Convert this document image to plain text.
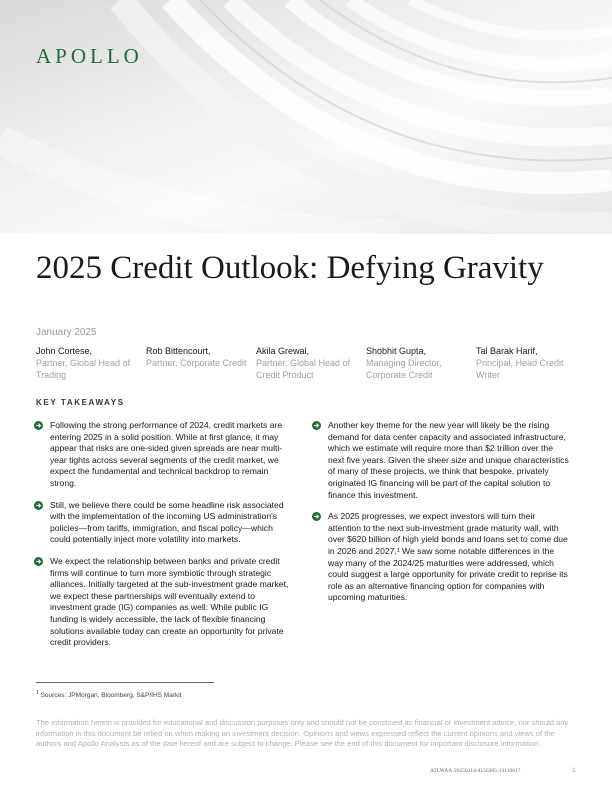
APOLLO
2025 Credit Outlook: Defying Gravity
January 2025
John Cortese,
Partner, Global Head of Trading
Rob Bittencourt,
Partner, Corporate Credit
Akila Grewal,
Partner, Global Head of Credit Product
Shobhit Gupta,
Managing Director, Corporate Credit
Tal Barak Harif,
Principal, Head Credit Writer
KEY TAKEAWAYS
Following the strong performance of 2024, credit markets are entering 2025 in a solid position. While at first glance, it may appear that risks are one-sided given spreads are near multi-year tights across several segments of the credit market, we expect the fundamental and technical backdrop to remain strong.
Still, we believe there could be some headline risk associated with the implementation of the incoming US administration's policies—from tariffs, immigration, and fiscal policy—which could potentially inject more volatility into markets.
We expect the relationship between banks and private credit firms will continue to turn more symbiotic through strategic alliances. Initially targeted at the sub-investment grade market, we expect these partnerships will eventually extend to investment grade (IG) companies as well: While public IG funding is widely accessible, the lack of flexible financing solutions available today can create an opportunity for private credit providers.
Another key theme for the new year will likely be the rising demand for data center capacity and associated infrastructure, which we estimate will require more than $2 trillion over the next five years. Given the sheer size and unique characteristics of many of these projects, we think that bespoke, privately originated IG financing will be part of the capital solution to finance this investment.
As 2025 progresses, we expect investors will turn their attention to the next sub-investment grade maturity wall, with over $620 billion of high yield bonds and loans set to come due in 2026 and 2027.¹ We saw some notable differences in the way many of the 2024/25 maturities were addressed, which could suggest a large opportunity for private credit to reprise its role as an alternative financing option for companies with upcoming maturities.
$^1$ Sources: JPMorgan, Bloomberg, S&P/IHS Markit
The information herein is provided for educational and discussion purposes only and should not be construed as financial or investment advice, nor should any information in this document be relied on when making an investment decision. Opinions and views expressed reflect the current opinions and views of the authors and Apollo Analysts as of the date hereof and are subject to change. Please see the end of this document for important disclosure information.
ATLWAA-20250114-4156305-13119617	1
